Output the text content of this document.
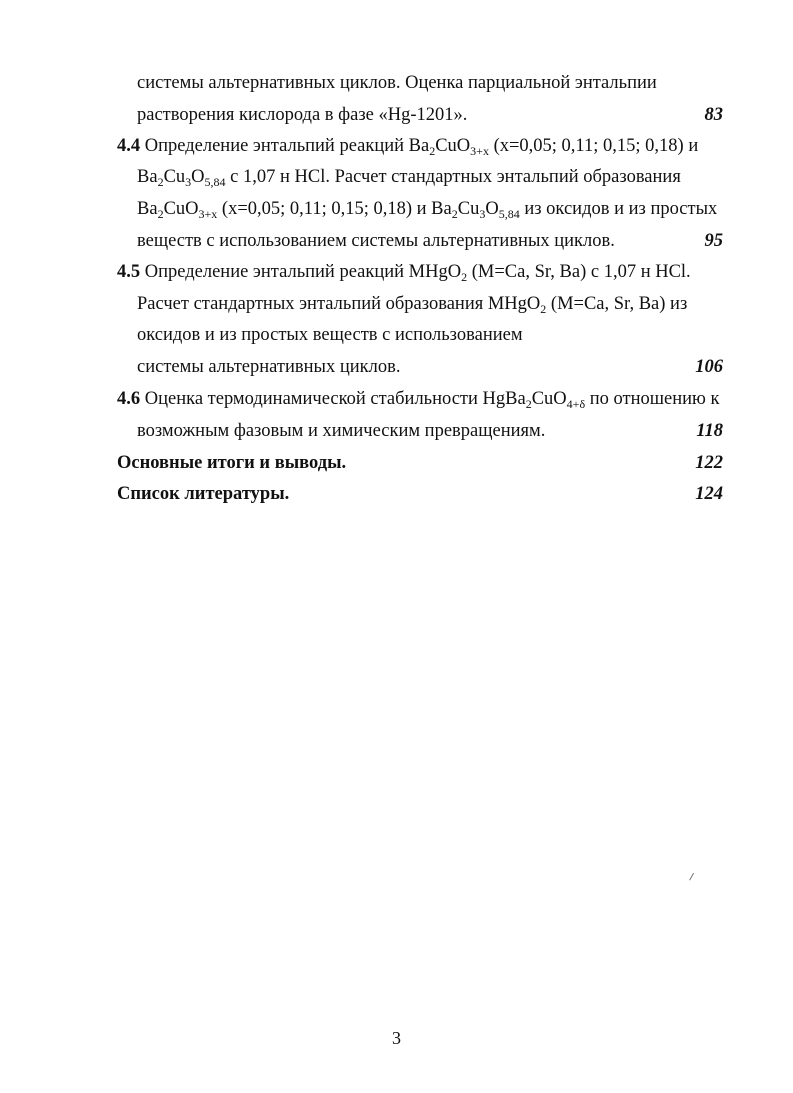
системы альтернативных циклов. Оценка парциальной энтальпии
растворения кислорода в фазе «Hg-1201».	83
4.4 Определение энтальпий реакций $Ba_2CuO_{3+x}$ (x=0,05; 0,11; 0,15; 0,18) и
$Ba_2Cu_3O_{5,84}$ с 1,07 н HCl. Расчет стандартных энтальпий образования
$Ba_2CuO_{3+x}$ (x=0,05; 0,11; 0,15; 0,18) и $Ba_2Cu_3O_{5,84}$ из оксидов и из простых
веществ с использованием системы альтернативных циклов.	95
4.5 Определение энтальпий реакций MHgO$_2$ (M=Ca, Sr, Ba) с 1,07 н HCl.
Расчет стандартных энтальпий образования MHgO$_2$ (M=Ca, Sr, Ba) из
оксидов и из простых веществ с использованием
системы альтернативных циклов.	106
4.6 Оценка термодинамической стабильности HgBa$_2$CuO$_{4+\delta}$ по отношению к
возможным фазовым и химическим превращениям.	118
Основные итоги и выводы.	122
Список литературы.	124
3
